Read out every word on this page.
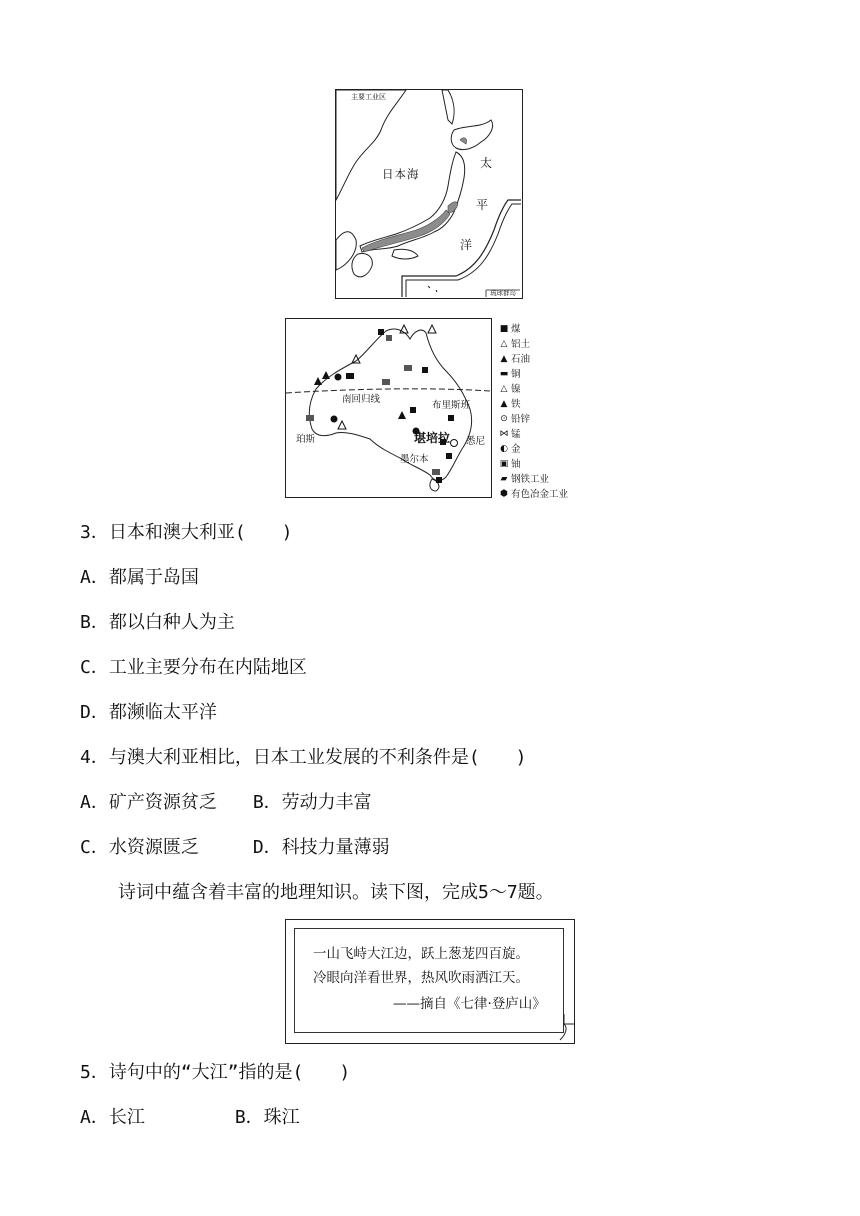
主要工业区
日本海
太
平
洋
琉球群岛
南回归线
珀斯
布里斯班
堪培拉 悉尼
墨尔本
■ 煤
△ 铝土
▲ 石油
▬ 铜
△ 镍
▲ 铁
⊙ 铅锌
⋈ 锰
◐ 金
▣ 铀
▰ 钢铁工业
⬢ 有色冶金工业
3．日本和澳大利亚(　　)
A．都属于岛国
B．都以白种人为主
C．工业主要分布在内陆地区
D．都濒临太平洋
4．与澳大利亚相比，日本工业发展的不利条件是(　　)
A．矿产资源贫乏　　B．劳动力丰富
C．水资源匮乏　　　D．科技力量薄弱
诗词中蕴含着丰富的地理知识。读下图，完成5～7题。
一山飞峙大江边，跃上葱茏四百旋。
冷眼向洋看世界，热风吹雨洒江天。
——摘自《七律·登庐山》
5．诗句中的“大江”指的是(　　)
A．长江　　　　　B．珠江
